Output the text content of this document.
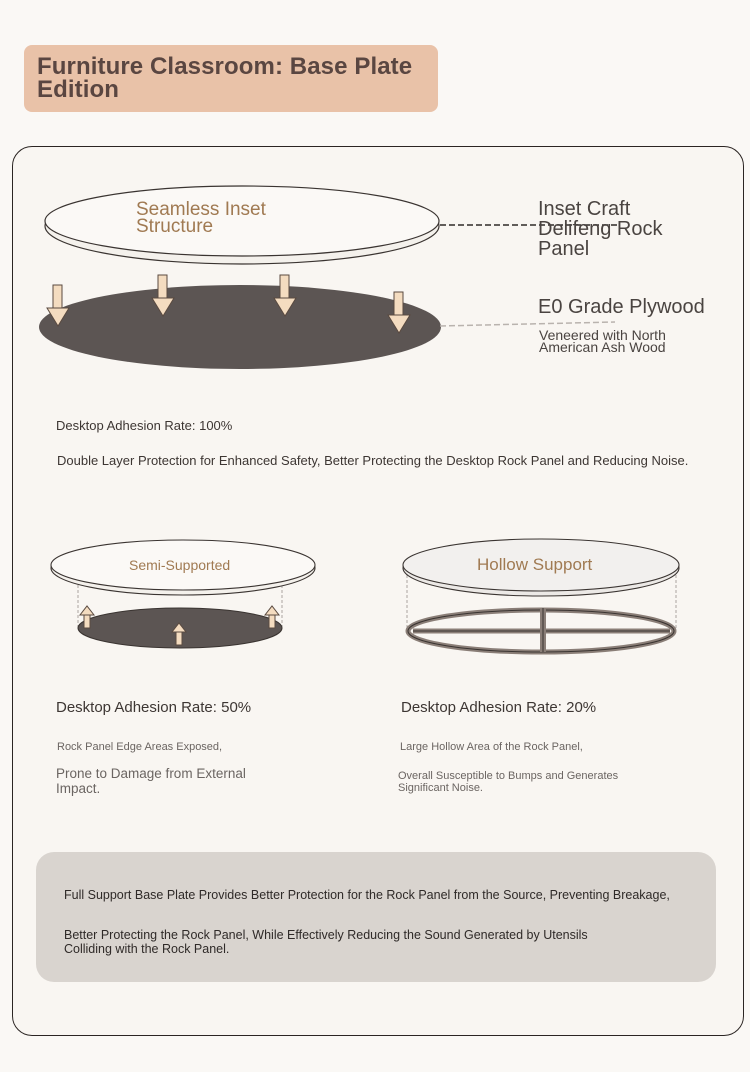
Furniture Classroom: Base Plate Edition
Seamless Inset Structure
Inset Craft Delifeng Rock Panel
E0 Grade Plywood
Veneered with North American Ash Wood
Desktop Adhesion Rate: 100%
Double Layer Protection for Enhanced Safety, Better Protecting the Desktop Rock Panel and Reducing Noise.
Semi-Supported	Hollow Support
Desktop Adhesion Rate: 50%
Rock Panel Edge Areas Exposed,
Prone to Damage from External Impact.
Desktop Adhesion Rate: 20%
Large Hollow Area of the Rock Panel,
Overall Susceptible to Bumps and Generates Significant Noise.
Full Support Base Plate Provides Better Protection for the Rock Panel from the Source, Preventing Breakage,
Better Protecting the Rock Panel, While Effectively Reducing the Sound Generated by Utensils Colliding with the Rock Panel.
